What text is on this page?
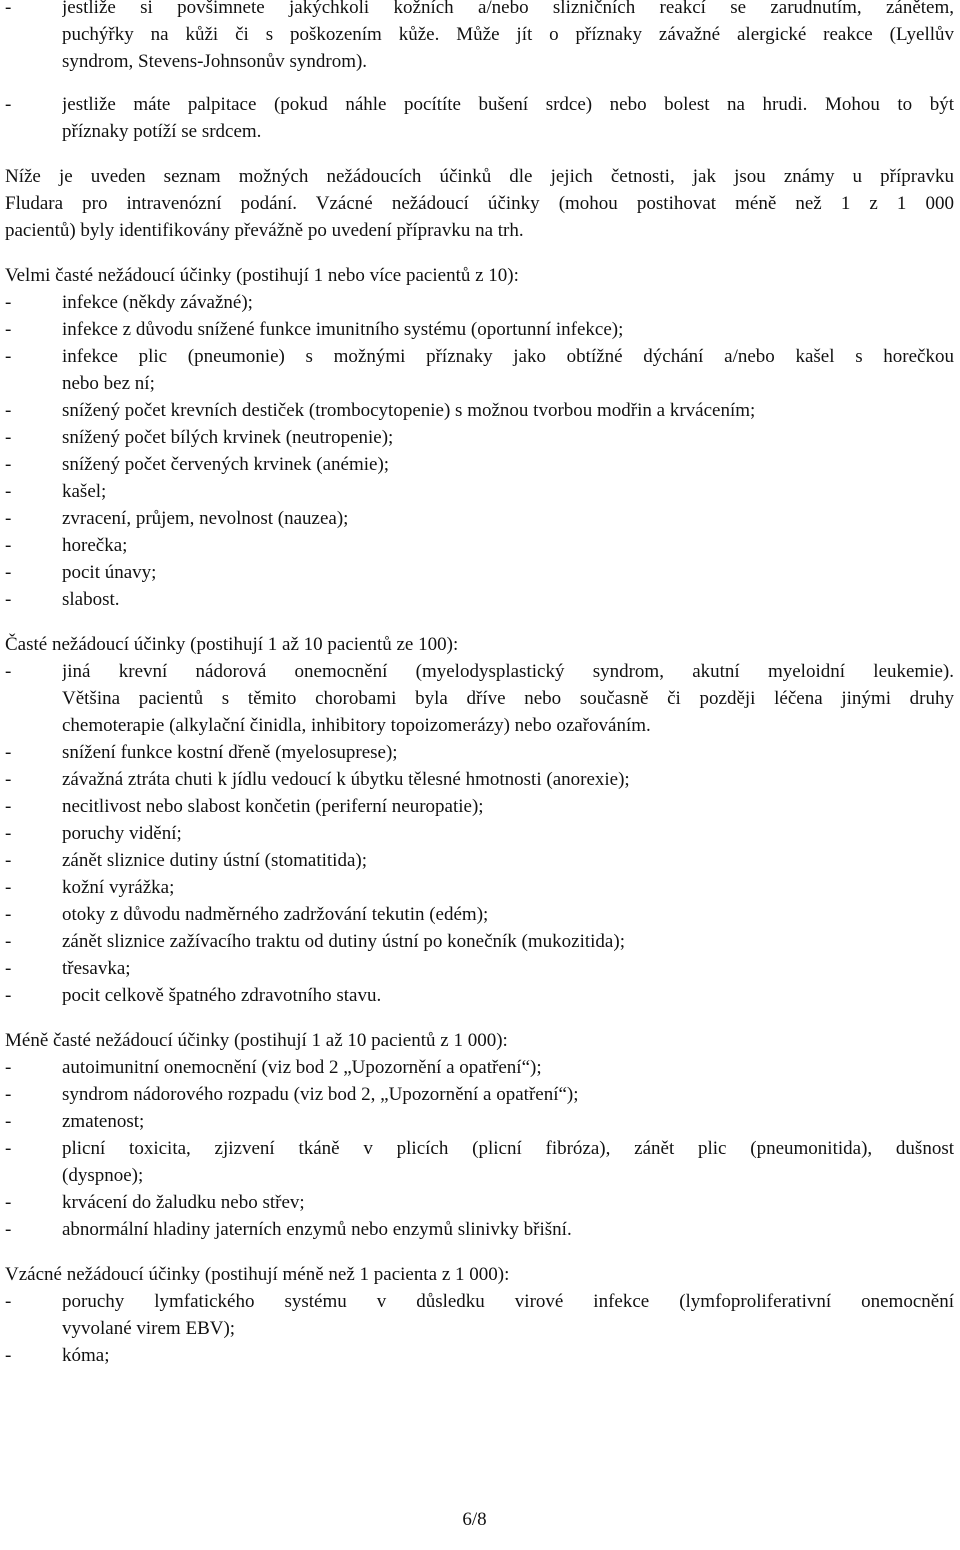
-	jestliže si povšimnete jakýchkoli kožních a/nebo slizničních reakcí se zarudnutím, zánětem,
puchýřky na kůži či s poškozením kůže. Může jít o příznaky závažné alergické reakce (Lyellův
syndrom, Stevens-Johnsonův syndrom).
-	jestliže máte palpitace (pokud náhle pocítíte bušení srdce) nebo bolest na hrudi. Mohou to být
příznaky potíží se srdcem.
Níže je uveden seznam možných nežádoucích účinků dle jejich četnosti, jak jsou známy u přípravku
Fludara pro intravenózní podání. Vzácné nežádoucí účinky (mohou postihovat méně než 1 z 1 000
pacientů) byly identifikovány převážně po uvedení přípravku na trh.
Velmi časté nežádoucí účinky (postihují 1 nebo více pacientů z 10):
-	infekce (někdy závažné);
-	infekce z důvodu snížené funkce imunitního systému (oportunní infekce);
-	infekce plic (pneumonie) s možnými příznaky jako obtížné dýchání a/nebo kašel s horečkou
nebo bez ní;
-	snížený počet krevních destiček (trombocytopenie) s možnou tvorbou modřin a krvácením;
-	snížený počet bílých krvinek (neutropenie);
-	snížený počet červených krvinek (anémie);
-	kašel;
-	zvracení, průjem, nevolnost (nauzea);
-	horečka;
-	pocit únavy;
-	slabost.
Časté nežádoucí účinky (postihují 1 až 10 pacientů ze 100):
-	jiná krevní nádorová onemocnění (myelodysplastický syndrom, akutní myeloidní leukemie).
Většina pacientů s těmito chorobami byla dříve nebo současně či později léčena jinými druhy
chemoterapie (alkylační činidla, inhibitory topoizomerázy) nebo ozařováním.
-	snížení funkce kostní dřeně (myelosuprese);
-	závažná ztráta chuti k jídlu vedoucí k úbytku tělesné hmotnosti (anorexie);
-	necitlivost nebo slabost končetin (periferní neuropatie);
-	poruchy vidění;
-	zánět sliznice dutiny ústní (stomatitida);
-	kožní vyrážka;
-	otoky z důvodu nadměrného zadržování tekutin (edém);
-	zánět sliznice zažívacího traktu od dutiny ústní po konečník (mukozitida);
-	třesavka;
-	pocit celkově špatného zdravotního stavu.
Méně časté nežádoucí účinky (postihují 1 až 10 pacientů z 1 000):
-	autoimunitní onemocnění (viz bod 2 „Upozornění a opatření“);
-	syndrom nádorového rozpadu (viz bod 2, „Upozornění a opatření“);
-	zmatenost;
-	plicní toxicita, zjizvení tkáně v plicích (plicní fibróza), zánět plic (pneumonitida), dušnost
(dyspnoe);
-	krvácení do žaludku nebo střev;
-	abnormální hladiny jaterních enzymů nebo enzymů slinivky břišní.
Vzácné nežádoucí účinky (postihují méně než 1 pacienta z 1 000):
-	poruchy lymfatického systému v důsledku virové infekce (lymfoproliferativní onemocnění
vyvolané virem EBV);
-	kóma;
6/8
